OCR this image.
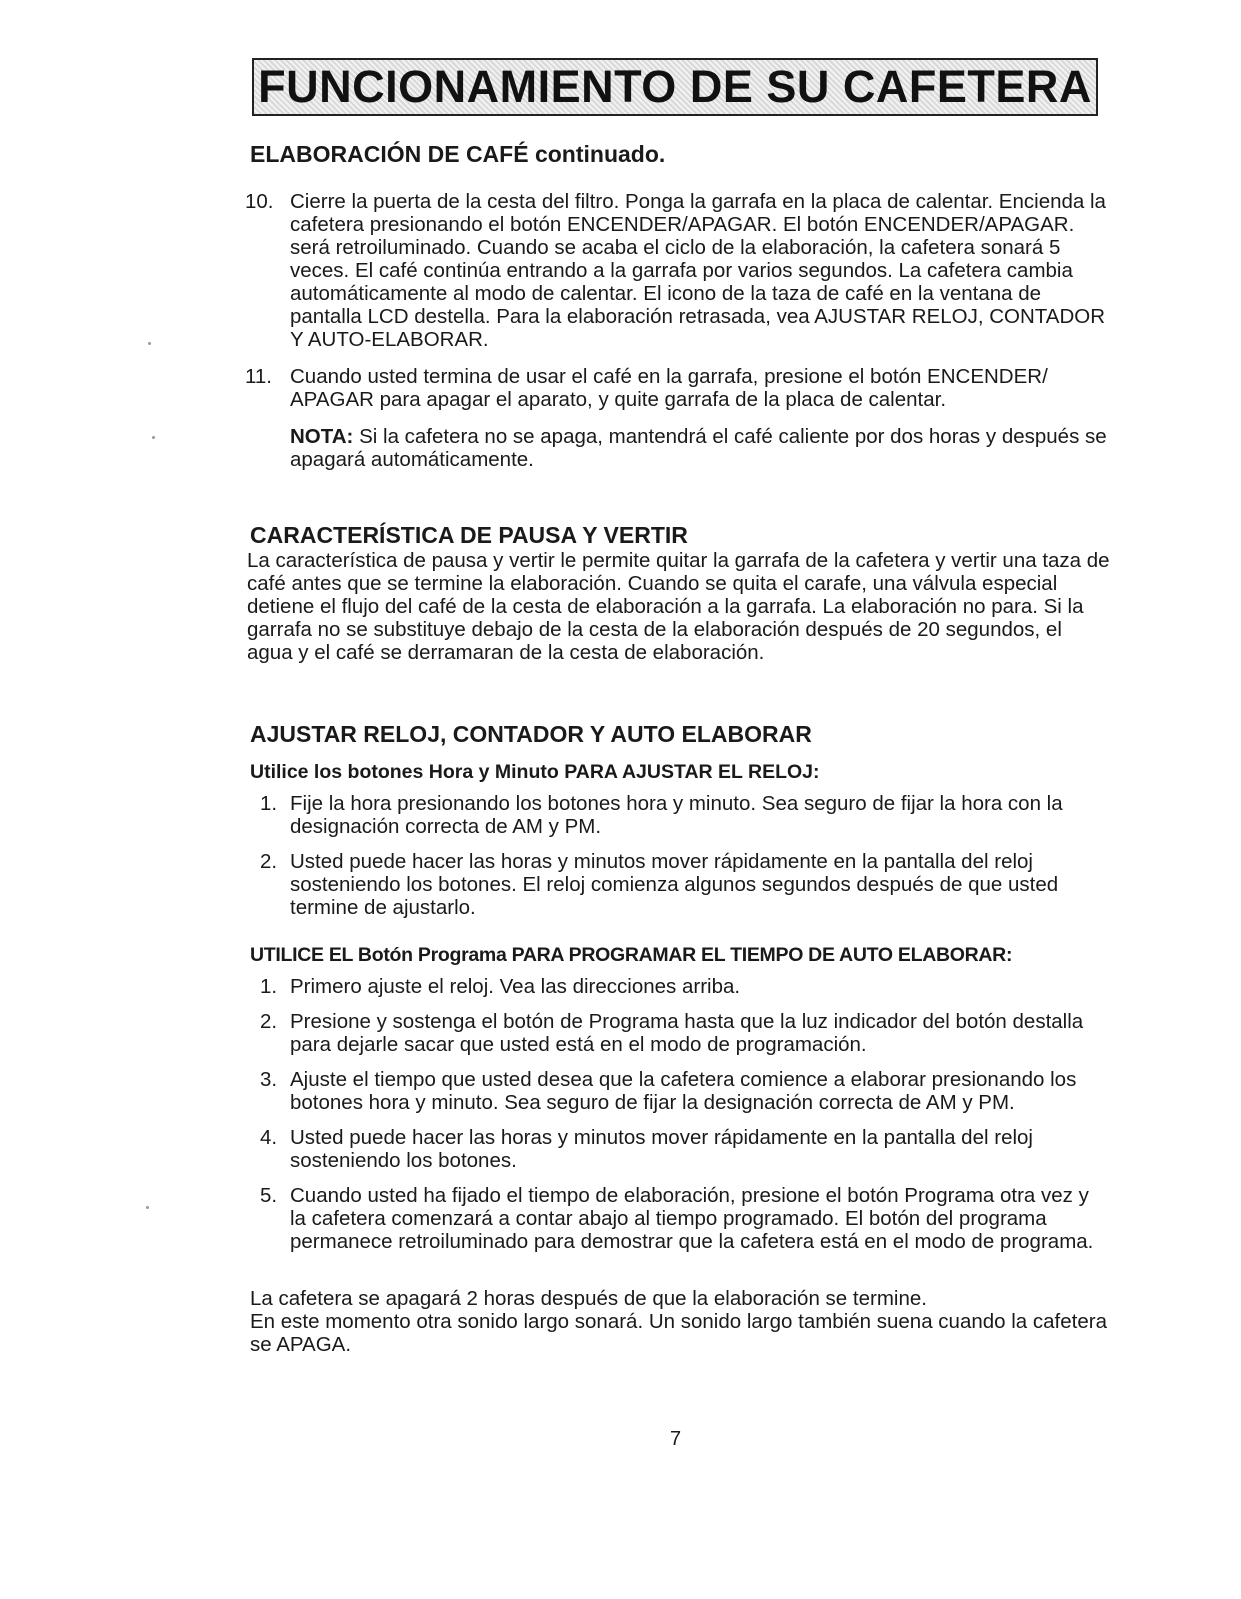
FUNCIONAMIENTO DE SU CAFETERA
ELABORACIÓN DE CAFÉ continuado.
10. Cierre la puerta de la cesta del filtro. Ponga la garrafa en la placa de calentar. Encienda la cafetera presionando el botón ENCENDER/APAGAR. El botón ENCENDER/APAGAR. será retroiluminado. Cuando se acaba el ciclo de la elaboración, la cafetera sonará 5 veces. El café continúa entrando a la garrafa por varios segundos. La cafetera cambia automáticamente al modo de calentar. El icono de la taza de café en la ventana de pantalla LCD destella. Para la elaboración retrasada, vea AJUSTAR RELOJ, CONTADOR Y AUTO-ELABORAR.
11. Cuando usted termina de usar el café en la garrafa, presione el botón ENCENDER/ APAGAR para apagar el aparato, y quite garrafa de la placa de calentar.

NOTA: Si la cafetera no se apaga, mantendrá el café caliente por dos horas y después se apagará automáticamente.

CARACTERÍSTICA DE PAUSA Y VERTIR

La característica de pausa y vertir le permite quitar la garrafa de la cafetera y vertir una taza de café antes que se termine la elaboración. Cuando se quita el carafe, una válvula especial detiene el flujo del café de la cesta de elaboración a la garrafa. La elaboración no para. Si la garrafa no se substituye debajo de la cesta de la elaboración después de 20 segundos, el agua y el café se derramaran de la cesta de elaboración.

AJUSTAR RELOJ, CONTADOR Y AUTO ELABORAR
Utilice los botones Hora y Minuto PARA AJUSTAR EL RELOJ:
1. Fije la hora presionando los botones hora y minuto. Sea seguro de fijar la hora con la designación correcta de AM y PM.
2. Usted puede hacer las horas y minutos mover rápidamente en la pantalla del reloj sosteniendo los botones. El reloj comienza algunos segundos después de que usted termine de ajustarlo.
UTILICE EL Botón Programa PARA PROGRAMAR EL TIEMPO DE AUTO ELABORAR:
1. Primero ajuste el reloj. Vea las direcciones arriba.
2. Presione y sostenga el botón de Programa hasta que la luz indicador del botón destalla para dejarle sacar que usted está en el modo de programación.
3. Ajuste el tiempo que usted desea que la cafetera comience a elaborar presionando los botones hora y minuto. Sea seguro de fijar la designación correcta de AM y PM.
4. Usted puede hacer las horas y minutos mover rápidamente en la pantalla del reloj sosteniendo los botones.
5. Cuando usted ha fijado el tiempo de elaboración, presione el botón Programa otra vez y la cafetera comenzará a contar abajo al tiempo programado. El botón del programa permanece retroiluminado para demostrar que la cafetera está en el modo de programa.

La cafetera se apagará 2 horas después de que la elaboración se termine.

En este momento otra sonido largo sonará. Un sonido largo también suena cuando la cafetera se APAGA.

7
